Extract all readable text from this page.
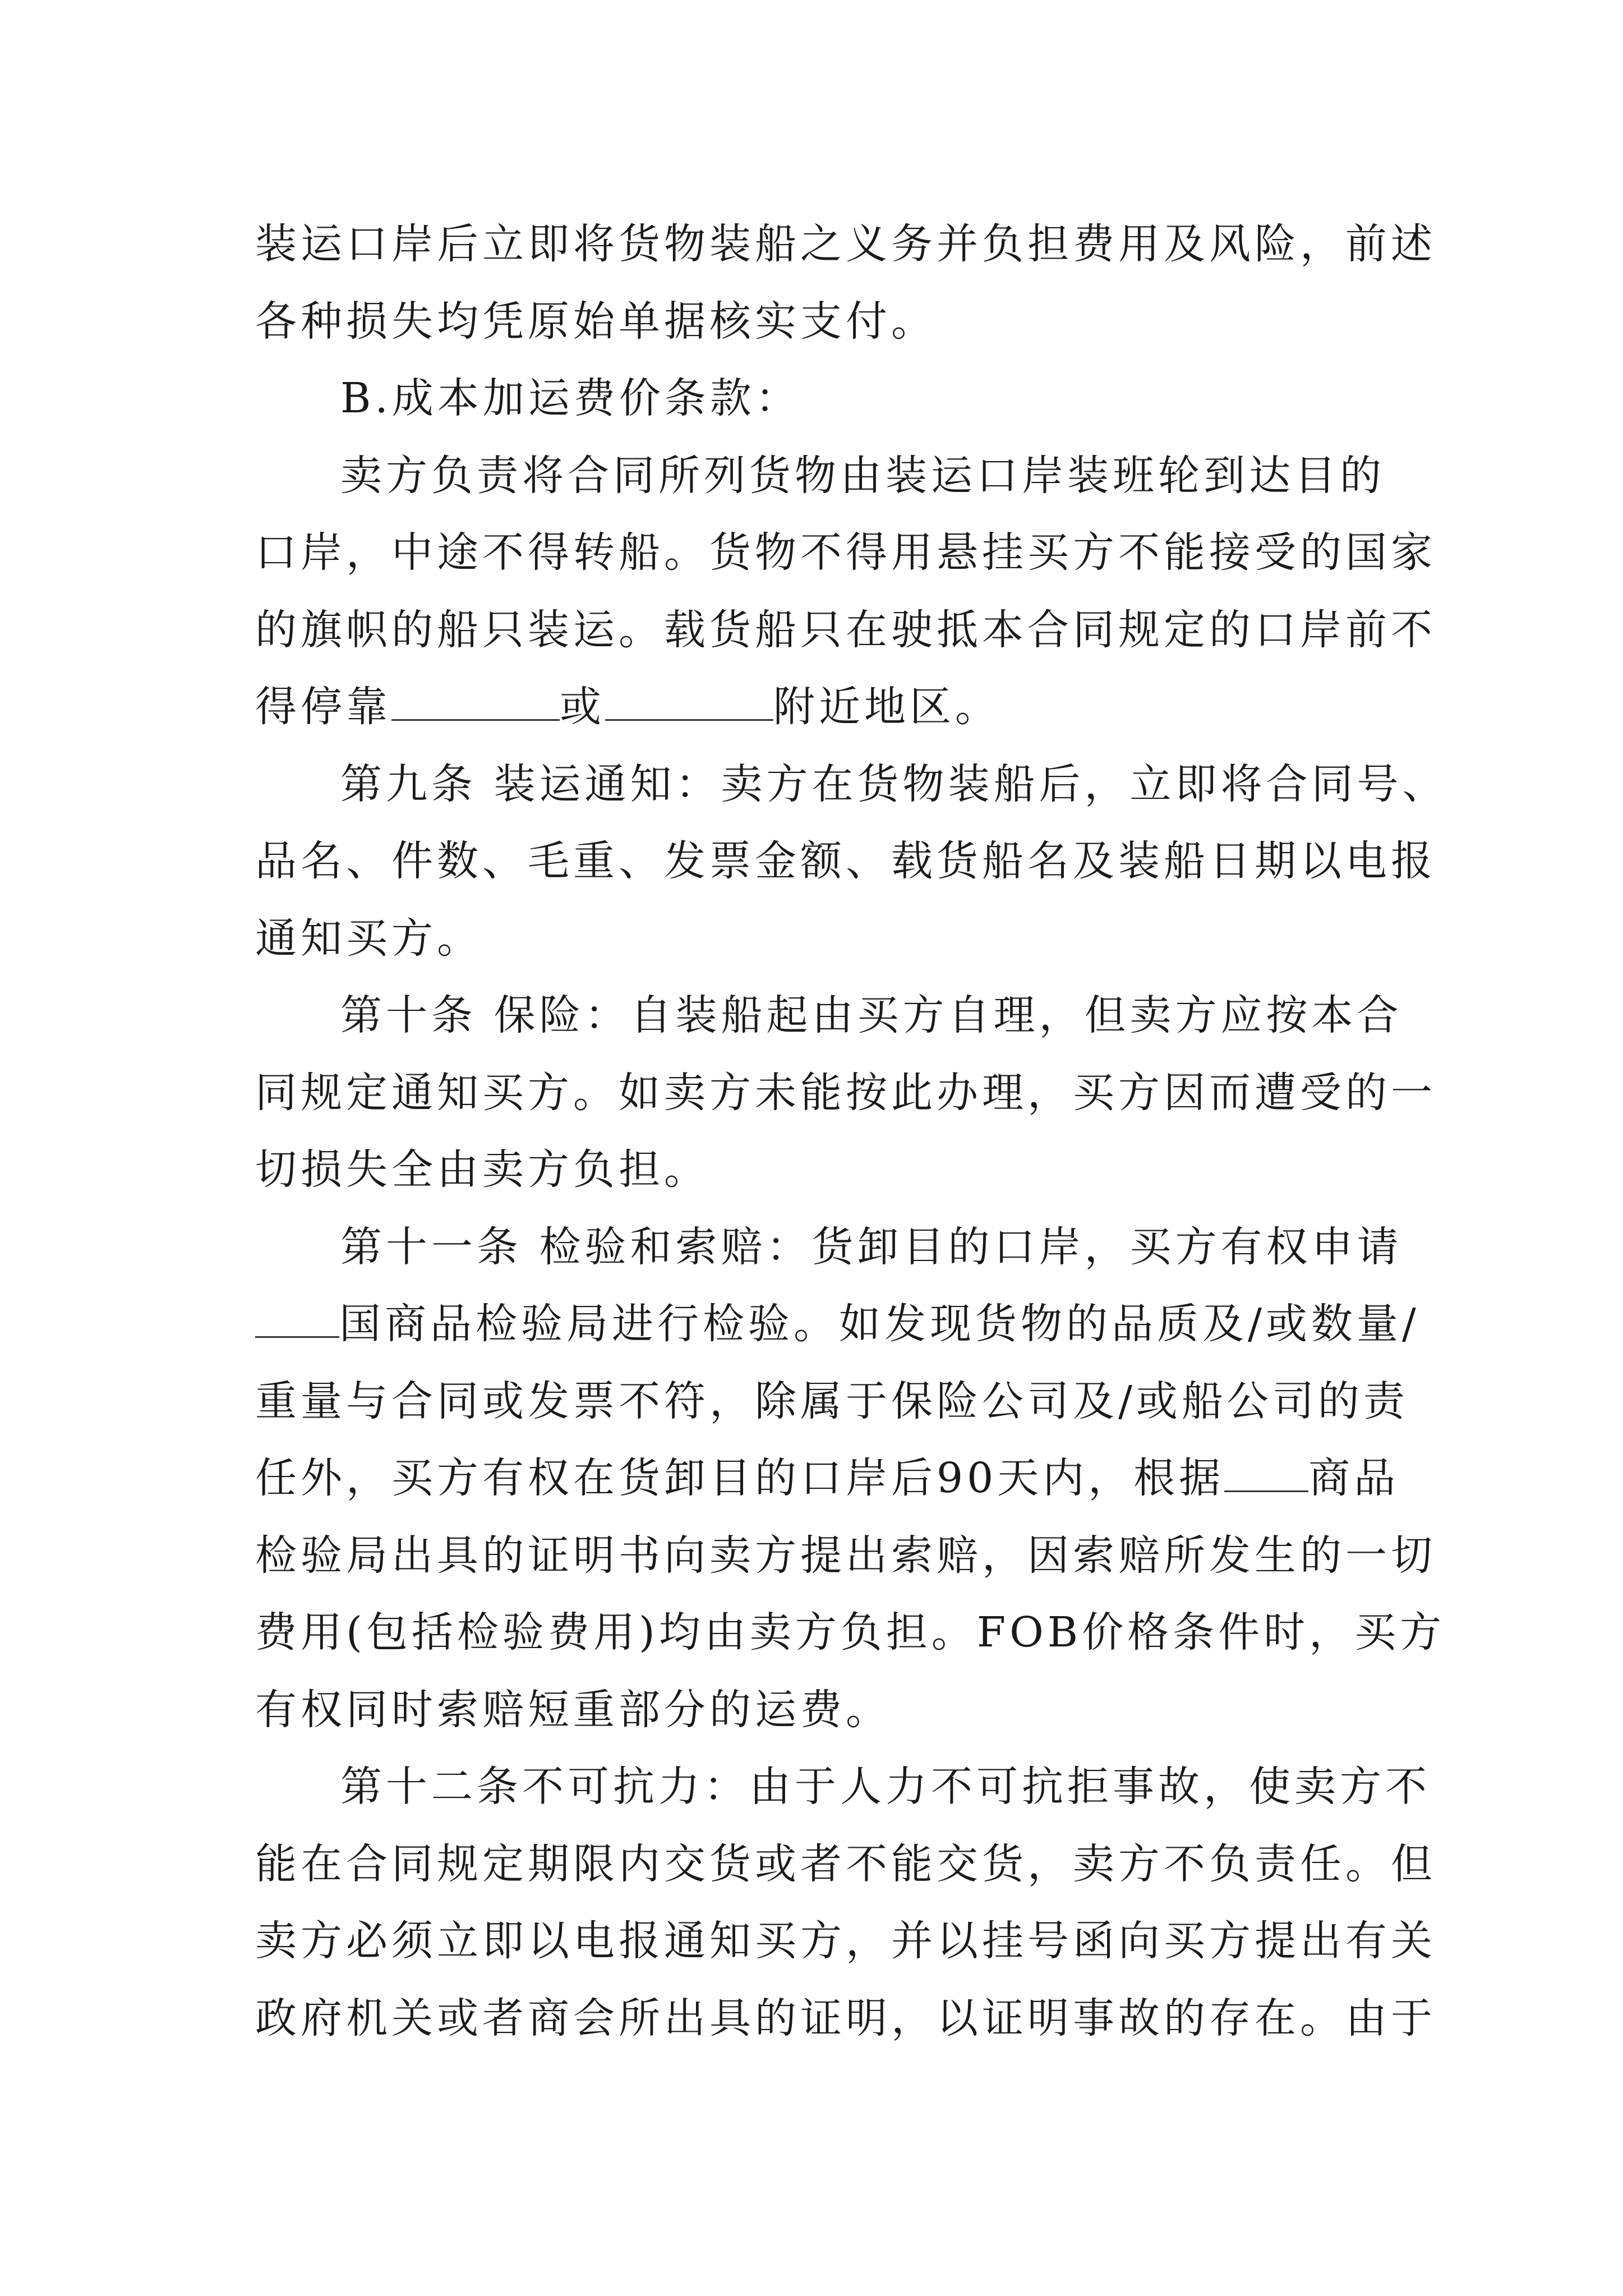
装运口岸后立即将货物装船之义务并负担费用及风险，前述
各种损失均凭原始单据核实支付。
B.成本加运费价条款：
卖方负责将合同所列货物由装运口岸装班轮到达目的
口岸，中途不得转船。货物不得用悬挂买方不能接受的国家
的旗帜的船只装运。载货船只在驶抵本合同规定的口岸前不
得停靠	或	附近地区。
第九条 装运通知：卖方在货物装船后，立即将合同号、
品名、件数、毛重、发票金额、载货船名及装船日期以电报
通知买方。
第十条 保险：自装船起由买方自理，但卖方应按本合
同规定通知买方。如卖方未能按此办理，买方因而遭受的一
切损失全由卖方负担。
第十一条 检验和索赔：货卸目的口岸，买方有权申请
国商品检验局进行检验。如发现货物的品质及/或数量/
重量与合同或发票不符，除属于保险公司及/或船公司的责
任外，买方有权在货卸目的口岸后90天内，根据 商品
检验局出具的证明书向卖方提出索赔，因索赔所发生的一切
费用(包括检验费用)均由卖方负担。FOB价格条件时，买方
有权同时索赔短重部分的运费。
第十二条不可抗力：由于人力不可抗拒事故，使卖方不
能在合同规定期限内交货或者不能交货，卖方不负责任。但
卖方必须立即以电报通知买方，并以挂号函向买方提出有关
政府机关或者商会所出具的证明，以证明事故的存在。由于
